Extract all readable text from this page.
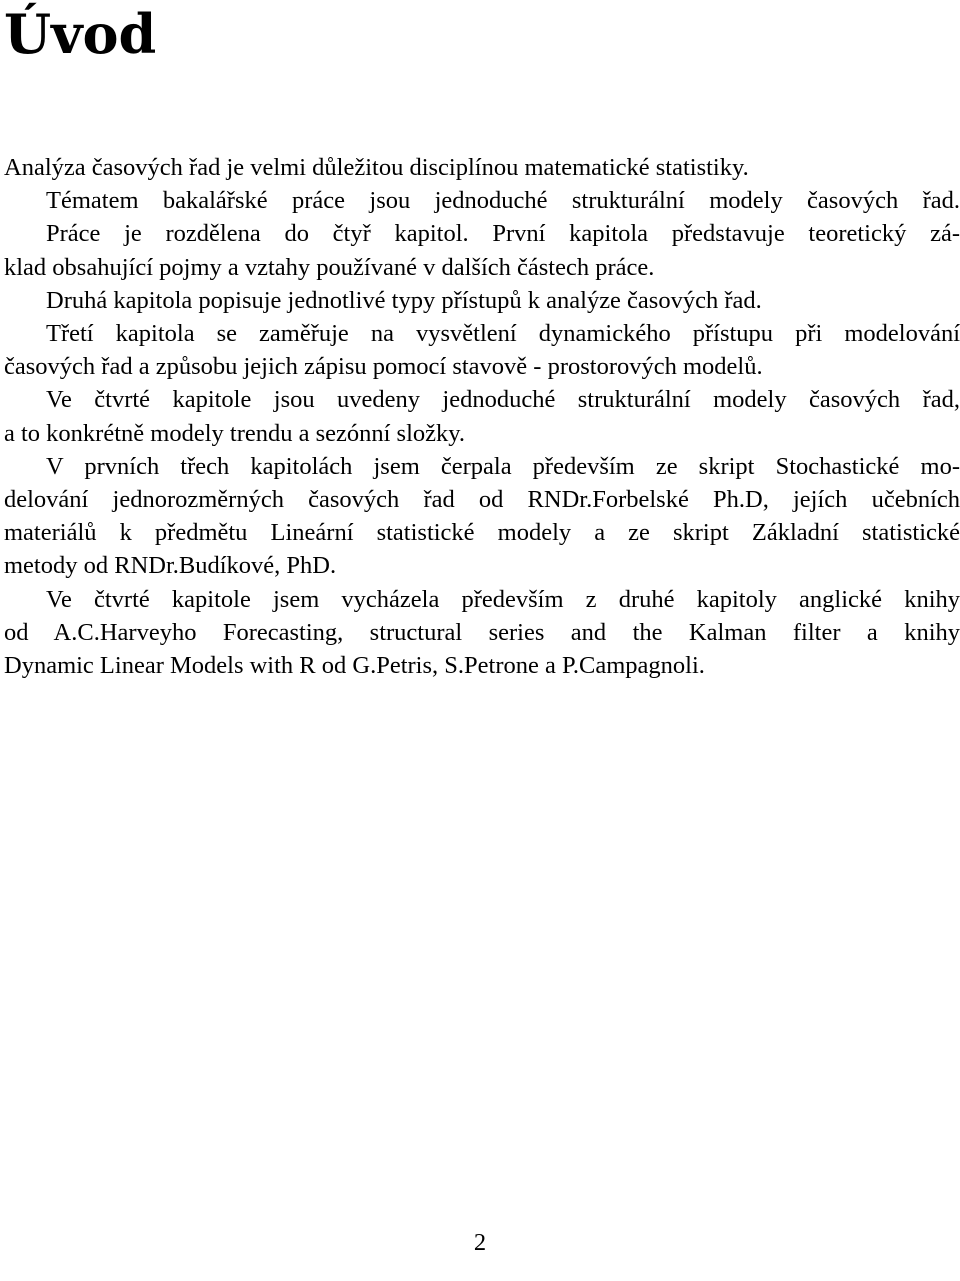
Úvod
Analýza časových řad je velmi důležitou disciplínou matematické statistiky.
Tématem bakalářské práce jsou jednoduché strukturální modely časových řad.
Práce je rozdělena do čtyř kapitol. První kapitola představuje teoretický zá-
klad obsahující pojmy a vztahy používané v dalších částech práce.
Druhá kapitola popisuje jednotlivé typy přístupů k analýze časových řad.
Třetí kapitola se zaměřuje na vysvětlení dynamického přístupu při modelování
časových řad a způsobu jejich zápisu pomocí stavově - prostorových modelů.
Ve čtvrté kapitole jsou uvedeny jednoduché strukturální modely časových řad,
a to konkrétně modely trendu a sezónní složky.
V prvních třech kapitolách jsem čerpala především ze skript Stochastické mo-
delování jednorozměrných časových řad od RNDr.Forbelské Ph.D, jejích učebních
materiálů k předmětu Lineární statistické modely a ze skript Základní statistické
metody od RNDr.Budíkové, PhD.
Ve čtvrté kapitole jsem vycházela především z druhé kapitoly anglické knihy
od A.C.Harveyho Forecasting, structural series and the Kalman filter a knihy
Dynamic Linear Models with R od G.Petris, S.Petrone a P.Campagnoli.
2
